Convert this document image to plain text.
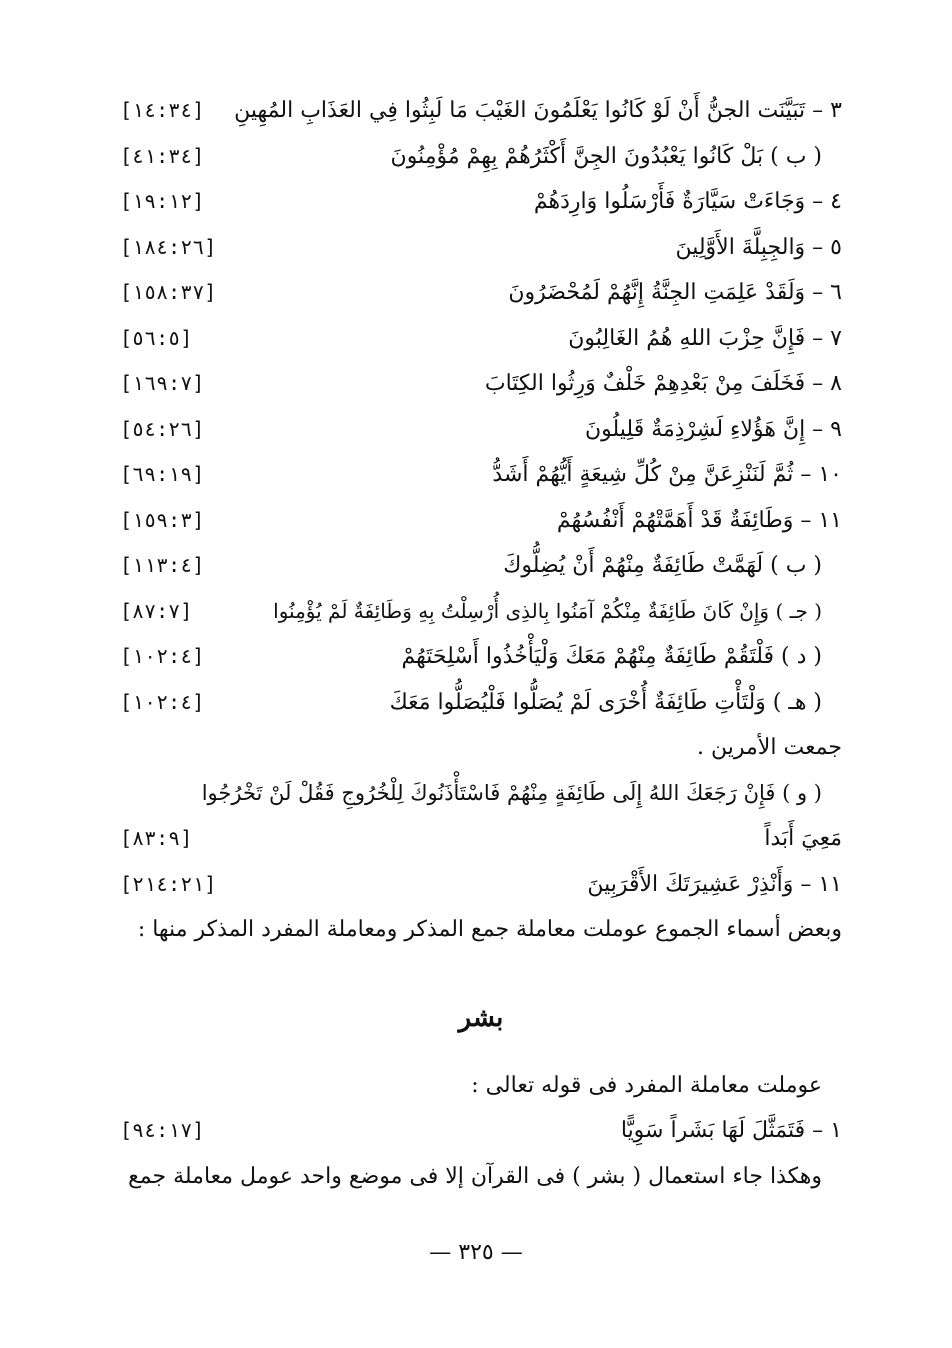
٣ – تَبَيَّنَت الجنُّ أَنْ لَوْ كَانُوا يَعْلَمُونَ الغَيْبَ مَا لَبِثُوا فِي العَذَابِ المُهِينِ
[١٤:٣٤]
( ب ) بَلْ كَانُوا يَعْبُدُونَ الجِنَّ أَكْثَرُهُمْ بِهِمْ مُؤْمِنُونَ
[٤١:٣٤]
٤ – وَجَاءَتْ سَيَّارَةٌ فَأَرْسَلُوا وَارِدَهُمْ
[١٩:١٢]
٥ – وَالجِبِلَّةَ الأَوَّلِينَ
[١٨٤:٢٦]
٦ – وَلَقَدْ عَلِمَتِ الجِنَّةُ إِنَّهُمْ لَمُحْضَرُونَ
[١٥٨:٣٧]
٧ – فَإِنَّ حِزْبَ اللهِ هُمُ الغَالِبُونَ
[٥٦:٥]
٨ – فَخَلَفَ مِنْ بَعْدِهِمْ خَلْفٌ وَرِثُوا الكِتَابَ
[١٦٩:٧]
٩ – إِنَّ هَؤُلاءِ لَشِرْذِمَةٌ قَلِيلُونَ
[٥٤:٢٦]
١٠ – ثُمَّ لَنَنْزِعَنَّ مِنْ كُلِّ شِيعَةٍ أَيُّهُمْ أَشَدُّ
[٦٩:١٩]
١١ – وَطَائِفَةٌ قَدْ أَهَمَّتْهُمْ أَنْفُسُهُمْ
[١٥٩:٣]
( ب ) لَهَمَّتْ طَائِفَةٌ مِنْهُمْ أَنْ يُضِلُّوكَ
[١١٣:٤]
( جـ ) وَإِنْ كَانَ طَائِفَةٌ مِنْكُمْ آمَنُوا بِالذِى أُرْسِلْتُ بِهِ وَطَائِفَةٌ لَمْ يُؤْمِنُوا
[٨٧:٧]
( د ) فَلْتَقُمْ طَائِفَةٌ مِنْهُمْ مَعَكَ وَلْيَأْخُذُوا أَسْلِحَتَهُمْ
[١٠٢:٤]
( هـ ) وَلْتَأْتِ طَائِفَةٌ أُخْرَى لَمْ يُصَلُّوا فَلْيُصَلُّوا مَعَكَ
[١٠٢:٤]
جمعت الأمرين .
( و ) فَإِنْ رَجَعَكَ اللهُ إِلَى طَائِفَةٍ مِنْهُمْ فَاسْتَأْذَنُوكَ لِلْخُرُوجِ فَقُلْ لَنْ تَخْرُجُوا
مَعِيَ أَبَداً
[٨٣:٩]
١١ – وَأَنْذِرْ عَشِيرَتَكَ الأَقْرَبِينَ
[٢١٤:٢١]
وبعض أسماء الجموع عوملت معاملة جمع المذكر ومعاملة المفرد المذكر منها :
بشر
عوملت معاملة المفرد فى قوله تعالى :
١ – فَتَمَثَّلَ لَهَا بَشَراً سَوِيًّا
[٩٤:١٧]
وهكذا جاء استعمال ( بشر ) فى القرآن إلا فى موضع واحد عومل معاملة جمع
— ٣٢٥ —
